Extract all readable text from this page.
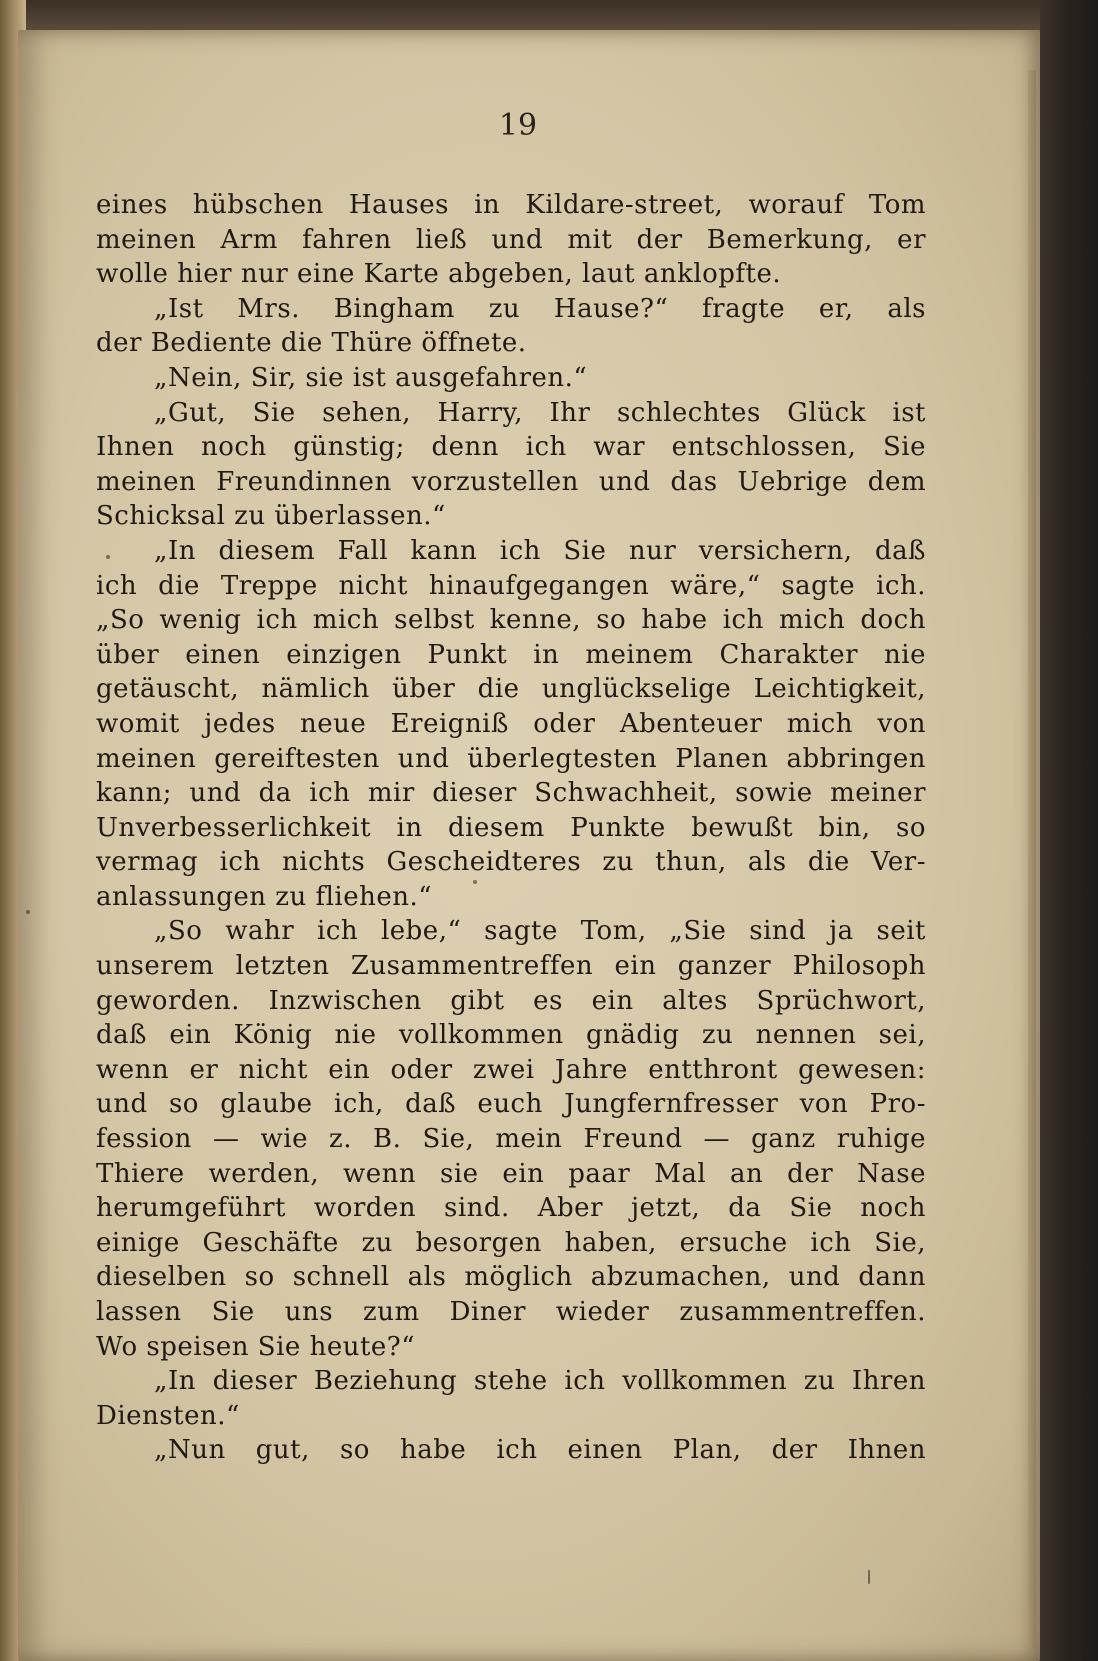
19
eines hübschen Hauses in Kildare-street, worauf Tom
meinen Arm fahren ließ und mit der Bemerkung, er
wolle hier nur eine Karte abgeben, laut anklopfte.
„Ist Mrs. Bingham zu Hause?“ fragte er, als
der Bediente die Thüre öffnete.
„Nein, Sir, sie ist ausgefahren.“
„Gut, Sie sehen, Harry, Ihr schlechtes Glück ist
Ihnen noch günstig; denn ich war entschlossen, Sie
meinen Freundinnen vorzustellen und das Uebrige dem
Schicksal zu überlassen.“
„In diesem Fall kann ich Sie nur versichern, daß
ich die Treppe nicht hinaufgegangen wäre,“ sagte ich.
„So wenig ich mich selbst kenne, so habe ich mich doch
über einen einzigen Punkt in meinem Charakter nie
getäuscht, nämlich über die unglückselige Leichtigkeit,
womit jedes neue Ereigniß oder Abenteuer mich von
meinen gereiftesten und überlegtesten Planen abbringen
kann; und da ich mir dieser Schwachheit, sowie meiner
Unverbesserlichkeit in diesem Punkte bewußt bin, so
vermag ich nichts Gescheidteres zu thun, als die Ver-
anlassungen zu fliehen.“
„So wahr ich lebe,“ sagte Tom, „Sie sind ja seit
unserem letzten Zusammentreffen ein ganzer Philosoph
geworden. Inzwischen gibt es ein altes Sprüchwort,
daß ein König nie vollkommen gnädig zu nennen sei,
wenn er nicht ein oder zwei Jahre entthront gewesen:
und so glaube ich, daß euch Jungfernfresser von Pro-
fession — wie z. B. Sie, mein Freund — ganz ruhige
Thiere werden, wenn sie ein paar Mal an der Nase
herumgeführt worden sind. Aber jetzt, da Sie noch
einige Geschäfte zu besorgen haben, ersuche ich Sie,
dieselben so schnell als möglich abzumachen, und dann
lassen Sie uns zum Diner wieder zusammentreffen.
Wo speisen Sie heute?“
„In dieser Beziehung stehe ich vollkommen zu Ihren
Diensten.“
„Nun gut, so habe ich einen Plan, der Ihnen
